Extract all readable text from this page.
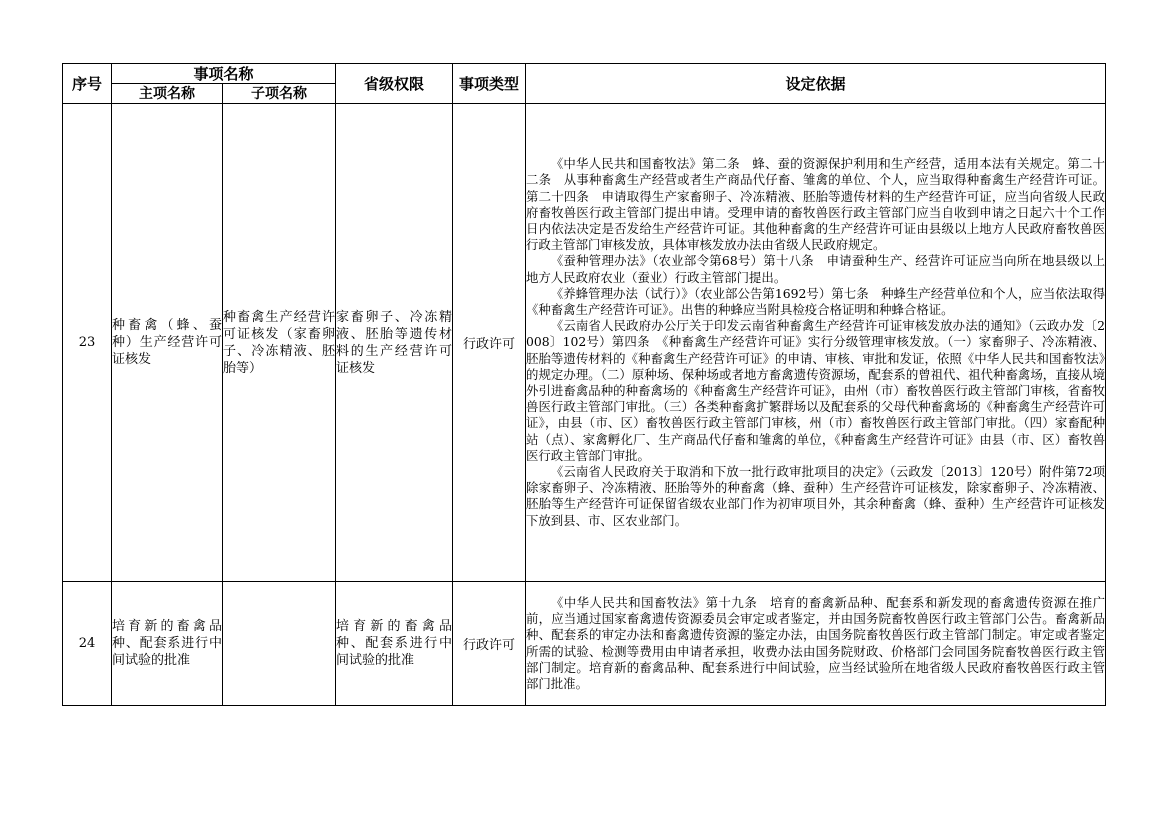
序号	事项名称		省级权限	事项类型	设定依据
	主项名称	子项名称			
23	种畜禽（蜂、蚕种）生产经营许可证核发	种畜禽生产经营许可证核发（家畜卵子、冷冻精液、胚胎等）	家畜卵子、冷冻精液、胚胎等遗传材料的生产经营许可证核发	行政许可	《中华人民共和国畜牧法》第二条　蜂、蚕的资源保护利用和生产经营，适用本法有关规定。第二十二条　从事种畜禽生产经营或者生产商品代仔畜、雏禽的单位、个人，应当取得种畜禽生产经营许可证。第二十四条　申请取得生产家畜卵子、冷冻精液、胚胎等遗传材料的生产经营许可证，应当向省级人民政府畜牧兽医行政主管部门提出申请。受理申请的畜牧兽医行政主管部门应当自收到申请之日起六十个工作日内依法决定是否发给生产经营许可证。其他种畜禽的生产经营许可证由县级以上地方人民政府畜牧兽医行政主管部门审核发放，具体审核发放办法由省级人民政府规定。

《蚕种管理办法》（农业部令第68号）第十八条　申请蚕种生产、经营许可证应当向所在地县级以上地方人民政府农业（蚕业）行政主管部门提出。

《养蜂管理办法（试行）》（农业部公告第1692号）第七条　种蜂生产经营单位和个人，应当依法取得《种畜禽生产经营许可证》。出售的种蜂应当附具检疫合格证明和种蜂合格证。

《云南省人民政府办公厅关于印发云南省种畜禽生产经营许可证审核发放办法的通知》（云政办发〔2008〕102号）第四条　《种畜禽生产经营许可证》实行分级管理审核发放。（一）家畜卵子、冷冻精液、胚胎等遗传材料的《种畜禽生产经营许可证》的申请、审核、审批和发证，依照《中华人民共和国畜牧法》的规定办理。（二）原种场、保种场或者地方畜禽遗传资源场，配套系的曾祖代、祖代种畜禽场，直接从境外引进畜禽品种的种畜禽场的《种畜禽生产经营许可证》，由州（市）畜牧兽医行政主管部门审核，省畜牧兽医行政主管部门审批。（三）各类种畜禽扩繁群场以及配套系的父母代种畜禽场的《种畜禽生产经营许可证》，由县（市、区）畜牧兽医行政主管部门审核，州（市）畜牧兽医行政主管部门审批。（四）家畜配种站（点）、家禽孵化厂、生产商品代仔畜和雏禽的单位，《种畜禽生产经营许可证》由县（市、区）畜牧兽医行政主管部门审批。

《云南省人民政府关于取消和下放一批行政审批项目的决定》（云政发〔2013〕120号）附件第72项　除家畜卵子、冷冻精液、胚胎等外的种畜禽（蜂、蚕种）生产经营许可证核发，除家畜卵子、冷冻精液、胚胎等生产经营许可证保留省级农业部门作为初审项目外，其余种畜禽（蜂、蚕种）生产经营许可证核发下放到县、市、区农业部门。

24	培育新的畜禽品种、配套系进行中间试验的批准		培育新的畜禽品种、配套系进行中间试验的批准	行政许可	《中华人民共和国畜牧法》第十九条　培育的畜禽新品种、配套系和新发现的畜禽遗传资源在推广前，应当通过国家畜禽遗传资源委员会审定或者鉴定，并由国务院畜牧兽医行政主管部门公告。畜禽新品种、配套系的审定办法和畜禽遗传资源的鉴定办法，由国务院畜牧兽医行政主管部门制定。审定或者鉴定所需的试验、检测等费用由申请者承担，收费办法由国务院财政、价格部门会同国务院畜牧兽医行政主管部门制定。培育新的畜禽品种、配套系进行中间试验，应当经试验所在地省级人民政府畜牧兽医行政主管部门批准。
